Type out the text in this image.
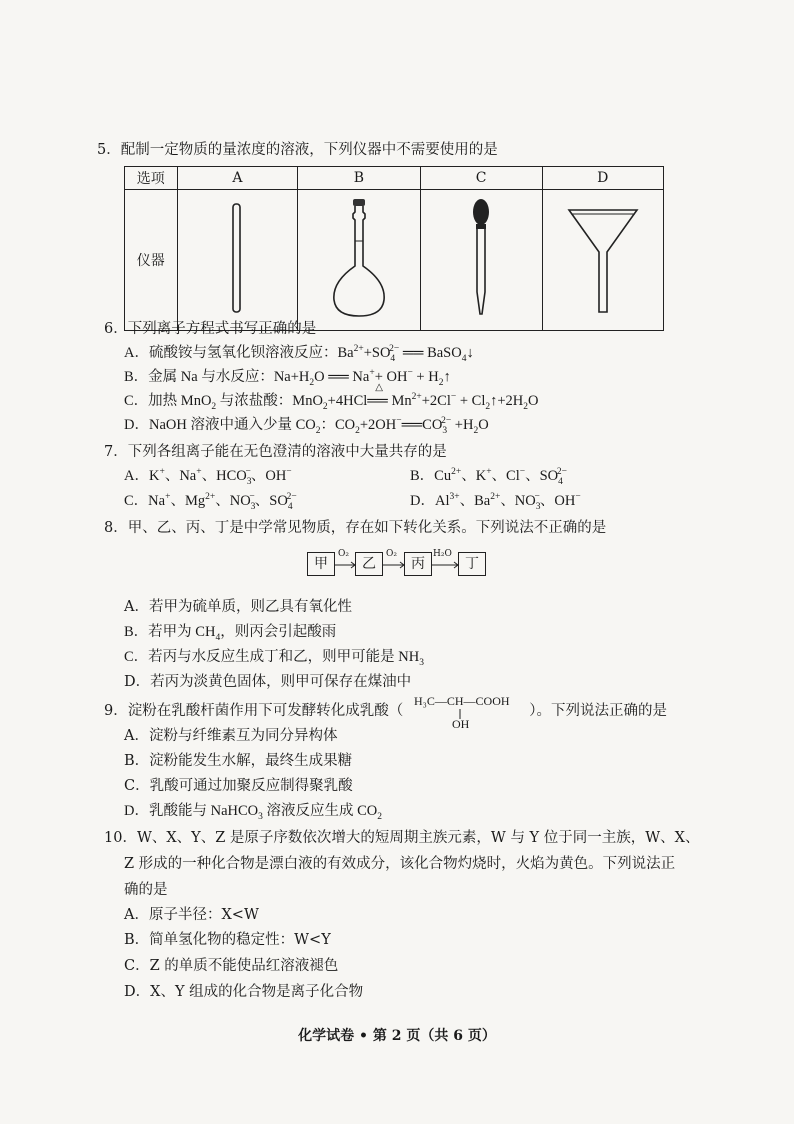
5．配制一定物质的量浓度的溶液，下列仪器中不需要使用的是
选项	A	B	C	D
仪器				
6．下列离子方程式书写正确的是
A．硫酸铵与氢氧化钡溶液反应：$Ba^{2+}+SO_4^{2-}$ ══ BaSO$_4$↓
B．金属 Na 与水反应：$Na+H_2O$ ══ $Na^++ OH^- + H_2↑$
C．加热 MnO$_2$ 与浓盐酸：MnO$_2$+4HCl
△
══ $Mn^{2+}+2Cl^-$ + $Cl_2↑+2H_2O$
D．NaOH 溶液中通入少量 $CO_2$：$CO_2+2OH^-══CO_3^{2-} +H_2O$
7．下列各组离子能在无色澄清的溶液中大量共存的是
A．K+、Na+、$HCO_3^-$、OH−	B．$Cu^{2+}$、K+、Cl−、$SO_4^{2-}$
C．Na+、$Mg^{2+}$、$NO_3^-$、$SO_4^{2-}$	D．$Al^{3+}$、$Ba^{2+}$、$NO_3^-$、OH−
8．甲、乙、丙、丁是中学常见物质，存在如下转化关系。下列说法不正确的是
甲
O₂
乙
O₂
丙
H₂O
丁
A．若甲为硫单质，则乙具有氧化性
B．若甲为 $CH_4$，则丙会引起酸雨
C．若丙与水反应生成丁和乙，则甲可能是 $NH_3$
D．若丙为淡黄色固体，则甲可保存在煤油中
9．淀粉在乳酸杆菌作用下可发酵转化成乳酸（	）。下列说法正确的是
H₃C—CH—COOH
OH
A．淀粉与纤维素互为同分异构体
B．淀粉能发生水解，最终生成果糖
C．乳酸可通过加聚反应制得聚乳酸
D．乳酸能与 NaHCO$_3$ 溶液反应生成 $CO_2$
10．W、X、Y、Z 是原子序数依次增大的短周期主族元素，W 与 Y 位于同一主族，W、X、
Z 形成的一种化合物是漂白液的有效成分，该化合物灼烧时，火焰为黄色。下列说法正
确的是
A．原子半径：X<W
B．简单氢化物的稳定性：W<Y
C．Z 的单质不能使品红溶液褪色
D．X、Y 组成的化合物是离子化合物
化学试卷 • 第 2 页（共 6 页）
